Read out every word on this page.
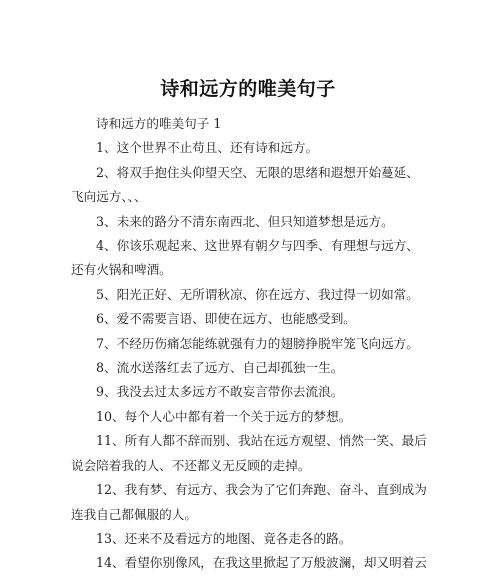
诗和远方的唯美句子

诗和远方的唯美句子 1

1、这个世界不止苟且、还有诗和远方。

2、将双手抱住头仰望天空、无限的思绪和遐想开始蔓延、飞向远方、、、

3、未来的路分不清东南西北、但只知道梦想是远方。

4、你该乐观起来、这世界有朝夕与四季、有理想与远方、还有火锅和啤酒。

5、阳光正好、无所谓秋凉、你在远方、我过得一切如常。

6、爱不需要言语、即使在远方、也能感受到。

7、不经历伤痛怎能练就强有力的翅膀挣脱牢笼飞向远方。

8、流水送落红去了远方、自己却孤独一生。

9、我没去过太多远方不敢妄言带你去流浪。

10、每个人心中都有着一个关于远方的梦想。

11、所有人都不辞而别、我站在远方观望、悄然一笑、最后说会陪着我的人、不还都义无反顾的走掉。

12、我有梦、有远方、我会为了它们奔跑、奋斗、直到成为连我自己都佩服的人。

13、还来不及看远方的地图、竟各走各的路。

14、看望你别像风，在我这里掀起了万般波澜，却又明着云
